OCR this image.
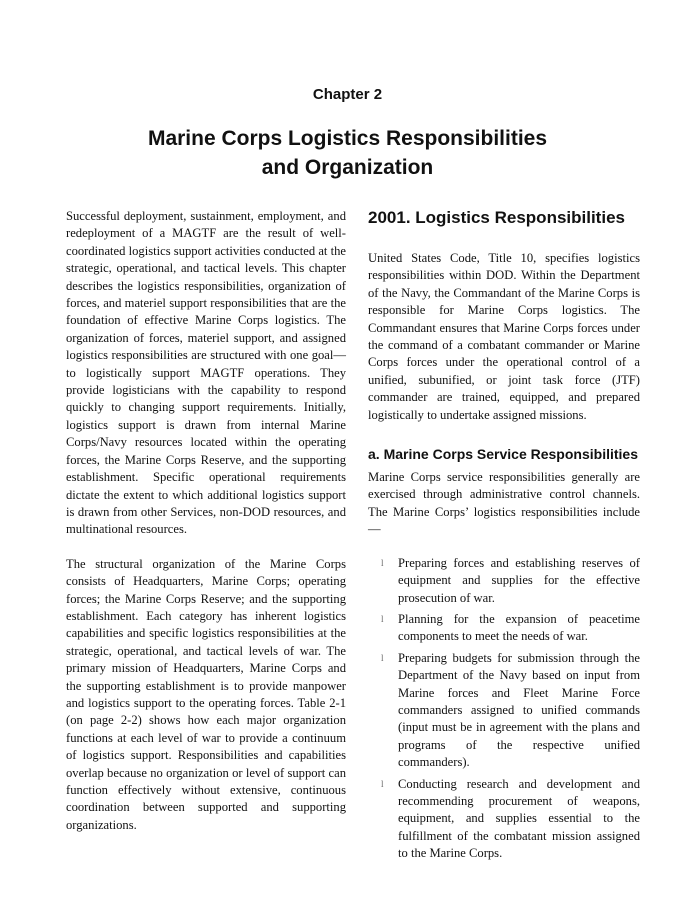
Chapter 2
Marine Corps Logistics Responsibilities
and Organization

Successful deployment, sustainment, employment, and redeployment of a MAGTF are the result of well-coordinated logistics support activities conducted at the strategic, operational, and tactical levels. This chapter describes the logistics responsibilities, organization of forces, and materiel support responsibilities that are the foundation of effective Marine Corps logistics. The organization of forces, materiel support, and assigned logistics responsibilities are structured with one goal—to logistically support MAGTF operations. They provide logisticians with the capability to respond quickly to changing support requirements. Initially, logistics support is drawn from internal Marine Corps/Navy resources located within the operating forces, the Marine Corps Reserve, and the supporting establishment. Specific operational requirements dictate the extent to which additional logistics support is drawn from other Services, non-DOD resources, and multinational resources.

The structural organization of the Marine Corps consists of Headquarters, Marine Corps; operating forces; the Marine Corps Reserve; and the supporting establishment. Each category has inherent logistics capabilities and specific logistics responsibilities at the strategic, operational, and tactical levels of war. The primary mission of Headquarters, Marine Corps and the supporting establishment is to provide manpower and logistics support to the operating forces. Table 2-1 (on page 2-2) shows how each major organization functions at each level of war to provide a continuum of logistics support. Responsibilities and capabilities overlap because no organization or level of support can function effectively without extensive, continuous coordination between supported and supporting organizations.

2001. Logistics Responsibilities

United States Code, Title 10, specifies logistics responsibilities within DOD. Within the Department of the Navy, the Commandant of the Marine Corps is responsible for Marine Corps logistics. The Commandant ensures that Marine Corps forces under the command of a combatant commander or Marine Corps forces under the operational control of a unified, subunified, or joint task force (JTF) commander are trained, equipped, and prepared logistically to undertake assigned missions.

a. Marine Corps Service Responsibilities

Marine Corps service responsibilities generally are exercised through administrative control channels. The Marine Corps’ logistics responsibilities include—

l Preparing forces and establishing reserves of equipment and supplies for the effective prosecution of war.
l Planning for the expansion of peacetime components to meet the needs of war.
l Preparing budgets for submission through the Department of the Navy based on input from Marine forces and Fleet Marine Force commanders assigned to unified commands (input must be in agreement with the plans and programs of the respective unified commanders).
l Conducting research and development and recommending procurement of weapons, equipment, and supplies essential to the fulfillment of the combatant mission assigned to the Marine Corps.
